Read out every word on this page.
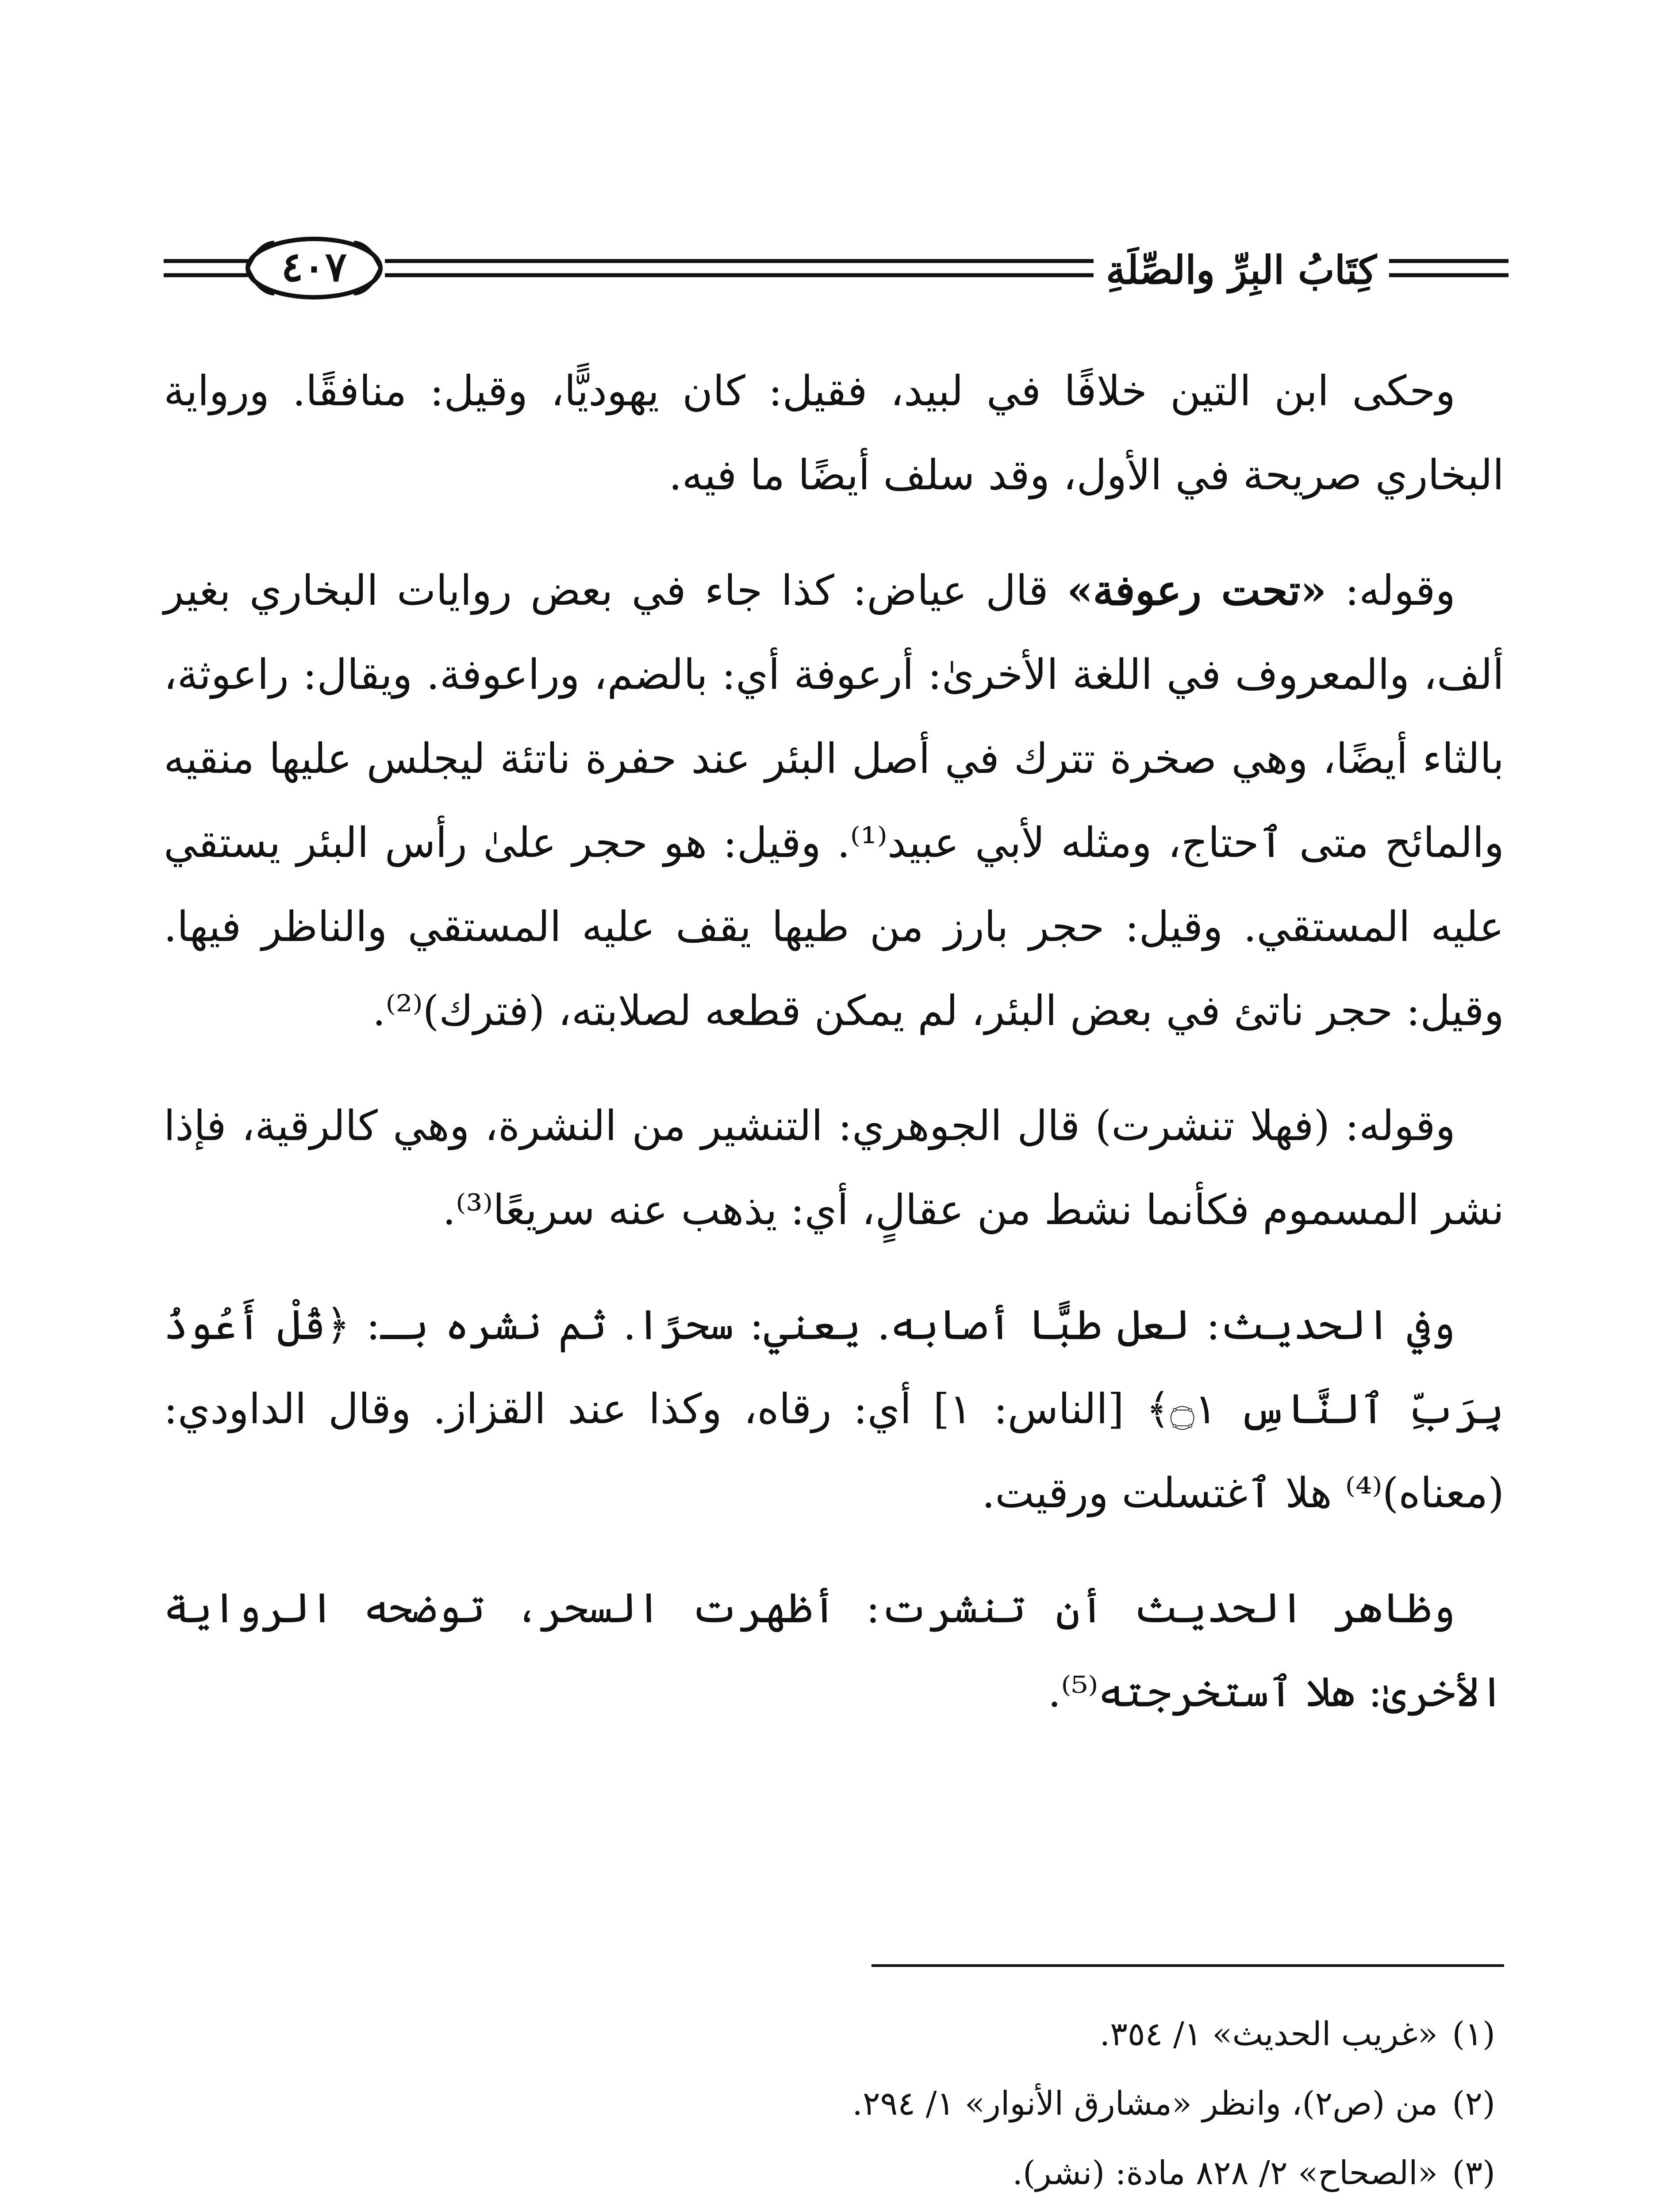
كِتَابُ البِرِّ والصِّلَةِ
٤٠٧

وحكى ابن التين خلافًا في لبيد، فقيل: كان يهوديًّا، وقيل: منافقًا. ورواية البخاري صريحة في الأول، وقد سلف أيضًا ما فيه.

وقوله: «تحت رعوفة» قال عياض: كذا جاء في بعض روايات البخاري بغير ألف، والمعروف في اللغة الأخرىٰ: أرعوفة أي: بالضم، وراعوفة. ويقال: راعوثة، بالثاء أيضًا، وهي صخرة تترك في أصل البئر عند حفرة ناتئة ليجلس عليها منقيه والمائح متى ٱحتاج، ومثله لأبي عبيد⁽¹⁾. وقيل: هو حجر علىٰ رأس البئر يستقي عليه المستقي. وقيل: حجر بارز من طيها يقف عليه المستقي والناظر فيها. وقيل: حجر ناتئ في بعض البئر، لم يمكن قطعه لصلابته، (فترك)⁽²⁾.

وقوله: (فهلا تنشرت) قال الجوهري: التنشير من النشرة، وهي كالرقية، فإذا نشر المسموم فكأنما نشط من عقالٍ، أي: يذهب عنه سريعًا⁽³⁾.

وفي الحديث: لعل طبًّا أصابه. يعني: سحرًا. ثم نشره بـ: ﴿قُلْ أَعُوذُ بِرَبِّ ٱلنَّاسِ ۝١﴾ [الناس: ١] أي: رقاه، وكذا عند القزاز. وقال الداودي: (معناه)⁽⁴⁾ هلا ٱغتسلت ورقيت.

وظاهر الحديث أن تنشرت: أظهرت السحر، توضحه الرواية الأخرىٰ: هلا ٱستخرجته⁽⁵⁾.

(١)
«غريب الحديث» ١/ ٣٥٤.
(٢)
من (ص٢)، وانظر «مشارق الأنوار» ١/ ٢٩٤.
(٣)
«الصحاح» ٢/ ٨٢٨ مادة: (نشر).
